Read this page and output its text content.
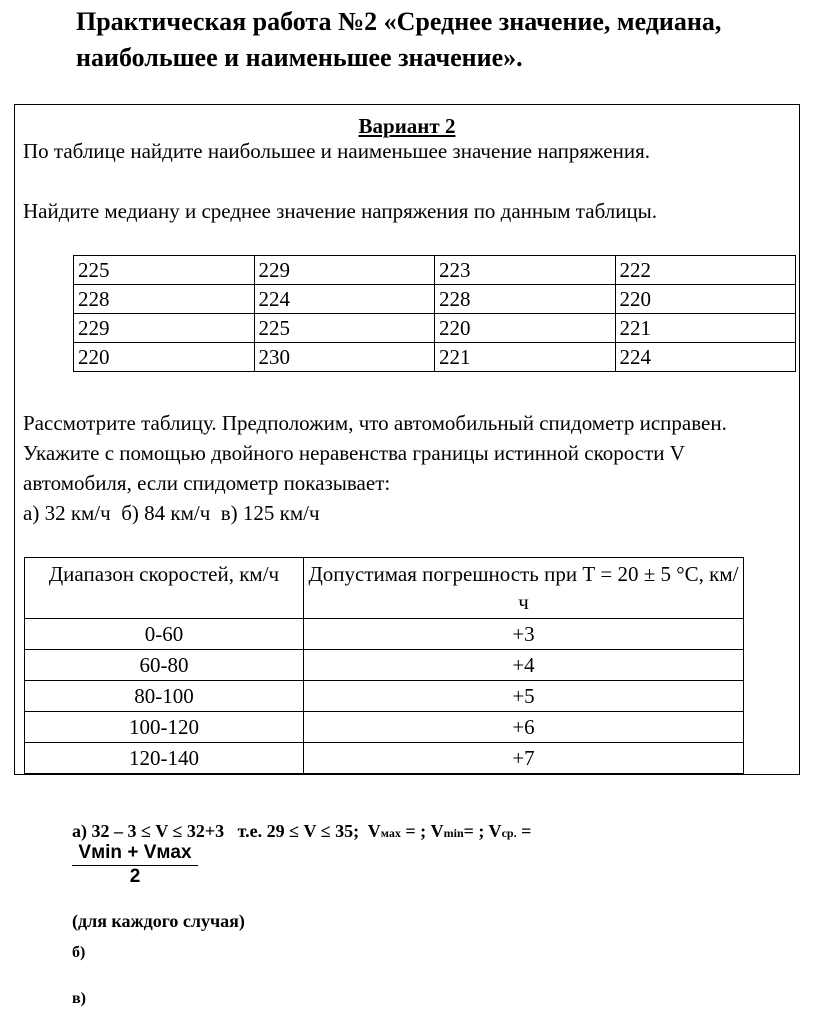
Практическая работа №2 «Среднее значение, медиана, наибольшее и наименьшее значение».
Вариант 2

По таблице найдите наибольшее и наименьшее значение напряжения.

Найдите медиану и среднее значение напряжения по данным таблицы.

225	229	223	222
228	224	228	220
229	225	220	221
220	230	221	224

Рассмотрите таблицу. Предположим, что автомобильный спидометр исправен. Укажите с помощью двойного неравенства границы истинной скорости V автомобиля, если спидометр показывает:
а) 32 км/ч  б) 84 км/ч  в) 125 км/ч

Диапазон скоростей, км/ч	Допустимая погрешность при Т = 20 ± 5 °С, км/ч
0-60	+3
60-80	+4
80-100	+5
100-120	+6
120-140	+7

а) 32 – 3 ≤ V ≤ 32+3   т.е. 29 ≤ V ≤ 35;  Vмах = ; Vmin= ; Vср. =

Vмin + Vмax
2

(для каждого случая)

б)

в)
